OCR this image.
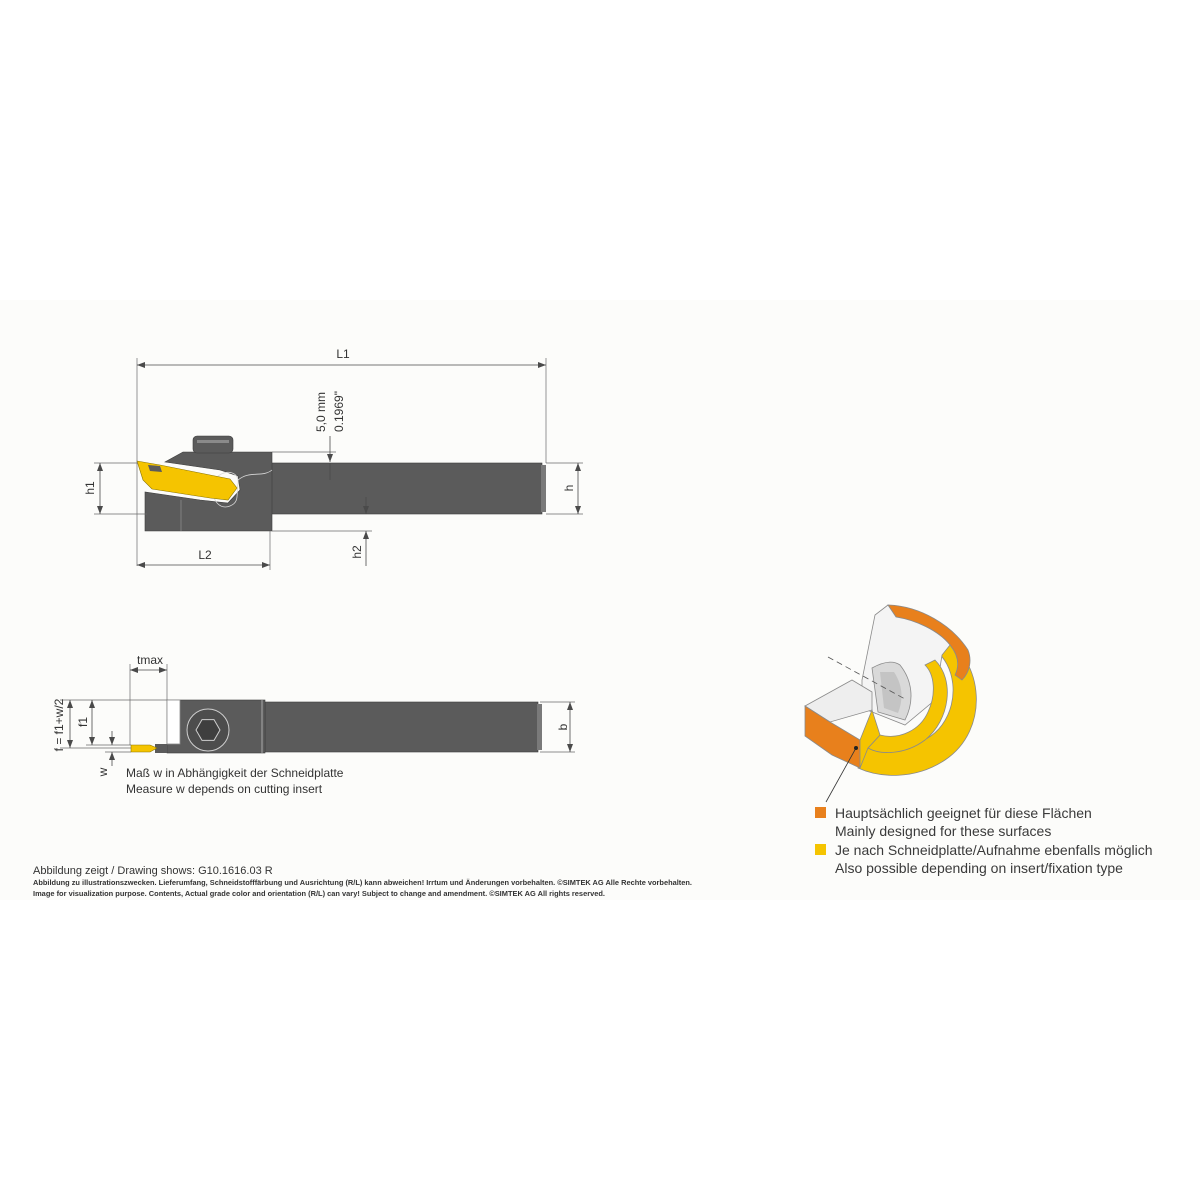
L1
5,0 mm 0.1969"
h1	h
h2
L2
tmax
f = f1+w/2 f1
w
b
Maß w in Abhängigkeit der Schneidplatte
Measure w depends on cutting insert
Abbildung zeigt / Drawing shows: G10.1616.03 R
Abbildung zu illustrationszwecken. Lieferumfang, Schneidstofffärbung und Ausrichtung (R/L) kann abweichen! Irrtum und Änderungen vorbehalten. ©SIMTEK AG Alle Rechte vorbehalten.
Image for visualization purpose. Contents, Actual grade color and orientation (R/L) can vary! Subject to change and amendment. ©SIMTEK AG All rights reserved.
Hauptsächlich geeignet für diese Flächen
Mainly designed for these surfaces
Je nach Schneidplatte/Aufnahme ebenfalls möglich
Also possible depending on insert/fixation type
